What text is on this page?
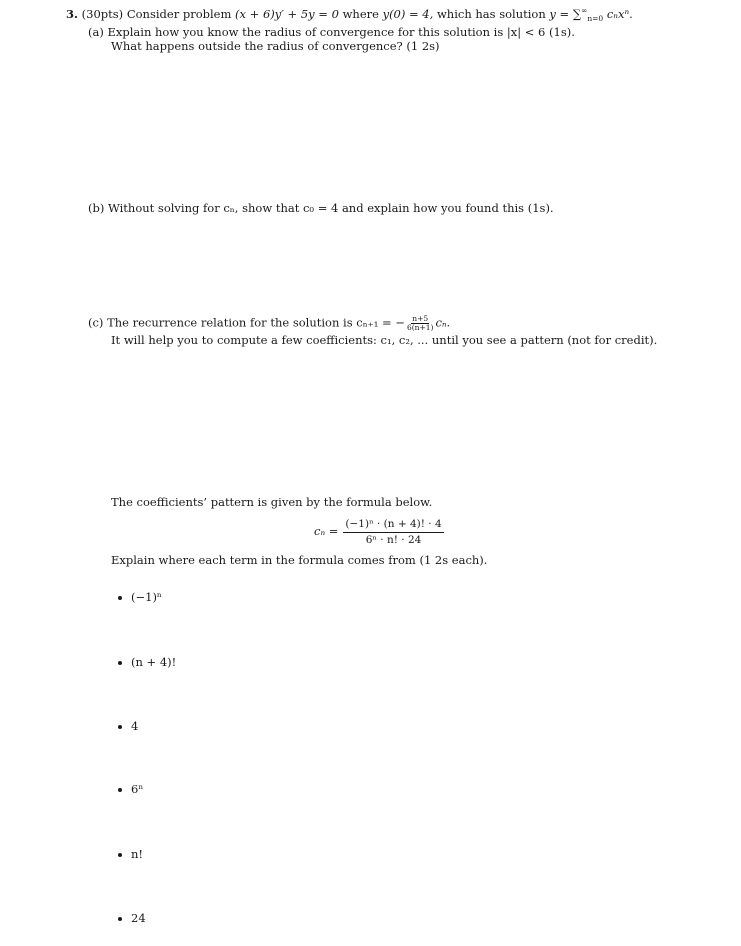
3. (30pts) Consider problem (x + 6)y′ + 5y = 0 where y(0) = 4, which has solution $y = \sum^\infty_{n=0}$ cₙxⁿ.
(a) Explain how you know the radius of convergence for this solution is |x| < 6 (1s).
What happens outside the radius of convergence? (1 2s)
(b) Without solving for cₙ, show that c₀ = 4 and explain how you found this (1s).
(c) The recurrence relation for the solution is cₙ₊₁ = − $\frac{n+5}{6(n+1)} c_n$.
It will help you to compute a few coefficients: c₁, c₂, ... until you see a pattern (not for credit).
The coefficients’ pattern is given by the formula below.
$c_n = \frac{\text{(−1)ⁿ · (n + 4)! · 4}}{\text{6ⁿ · n! · 24}}$
Explain where each term in the formula comes from (1 2s each).
(−1)ⁿ
(n + 4)!
4
6ⁿ
n!
24
